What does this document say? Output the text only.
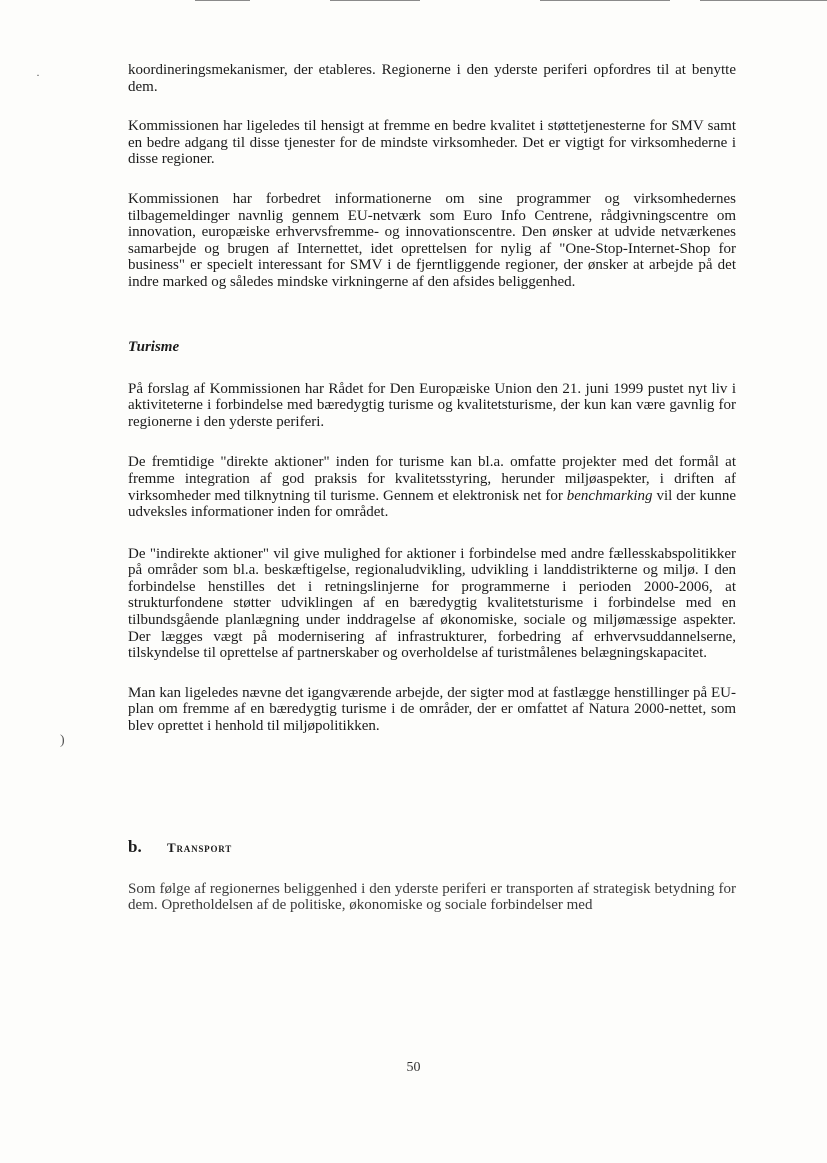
·
)

koordineringsmekanismer, der etableres. Regionerne i den yderste periferi opfordres til at benytte dem.

Kommissionen har ligeledes til hensigt at fremme en bedre kvalitet i støttetjenesterne for SMV samt en bedre adgang til disse tjenester for de mindste virksomheder. Det er vigtigt for virksomhederne i disse regioner.

Kommissionen har forbedret informationerne om sine programmer og virksomhedernes tilbagemeldinger navnlig gennem EU-netværk som Euro Info Centrene, rådgivningscentre om innovation, europæiske erhvervsfremme- og innovationscentre. Den ønsker at udvide netværkenes samarbejde og brugen af Internettet, idet oprettelsen for nylig af "One-Stop-Internet-Shop for business" er specielt interessant for SMV i de fjerntliggende regioner, der ønsker at arbejde på det indre marked og således mindske virkningerne af den afsides beliggenhed.

Turisme

På forslag af Kommissionen har Rådet for Den Europæiske Union den 21. juni 1999 pustet nyt liv i aktiviteterne i forbindelse med bæredygtig turisme og kvalitetsturisme, der kun kan være gavnlig for regionerne i den yderste periferi.

De fremtidige "direkte aktioner" inden for turisme kan bl.a. omfatte projekter med det formål at fremme integration af god praksis for kvalitetsstyring, herunder miljøaspekter, i driften af virksomheder med tilknytning til turisme. Gennem et elektronisk net for benchmarking vil der kunne udveksles informationer inden for området.

De "indirekte aktioner" vil give mulighed for aktioner i forbindelse med andre fællesskabspolitikker på områder som bl.a. beskæftigelse, regionaludvikling, udvikling i landdistrikterne og miljø. I den forbindelse henstilles det i retningslinjerne for programmerne i perioden 2000-2006, at strukturfondene støtter udviklingen af en bæredygtig kvalitetsturisme i forbindelse med en tilbundsgående planlægning under inddragelse af økonomiske, sociale og miljømæssige aspekter. Der lægges vægt på modernisering af infrastrukturer, forbedring af erhvervsuddannelserne, tilskyndelse til oprettelse af partnerskaber og overholdelse af turistmålenes belægningskapacitet.

Man kan ligeledes nævne det igangværende arbejde, der sigter mod at fastlægge henstillinger på EU-plan om fremme af en bæredygtig turisme i de områder, der er omfattet af Natura 2000-nettet, som blev oprettet i henhold til miljøpolitikken.

b.	Transport

Som følge af regionernes beliggenhed i den yderste periferi er transporten af strategisk betydning for dem. Opretholdelsen af de politiske, økonomiske og sociale forbindelser med

50
